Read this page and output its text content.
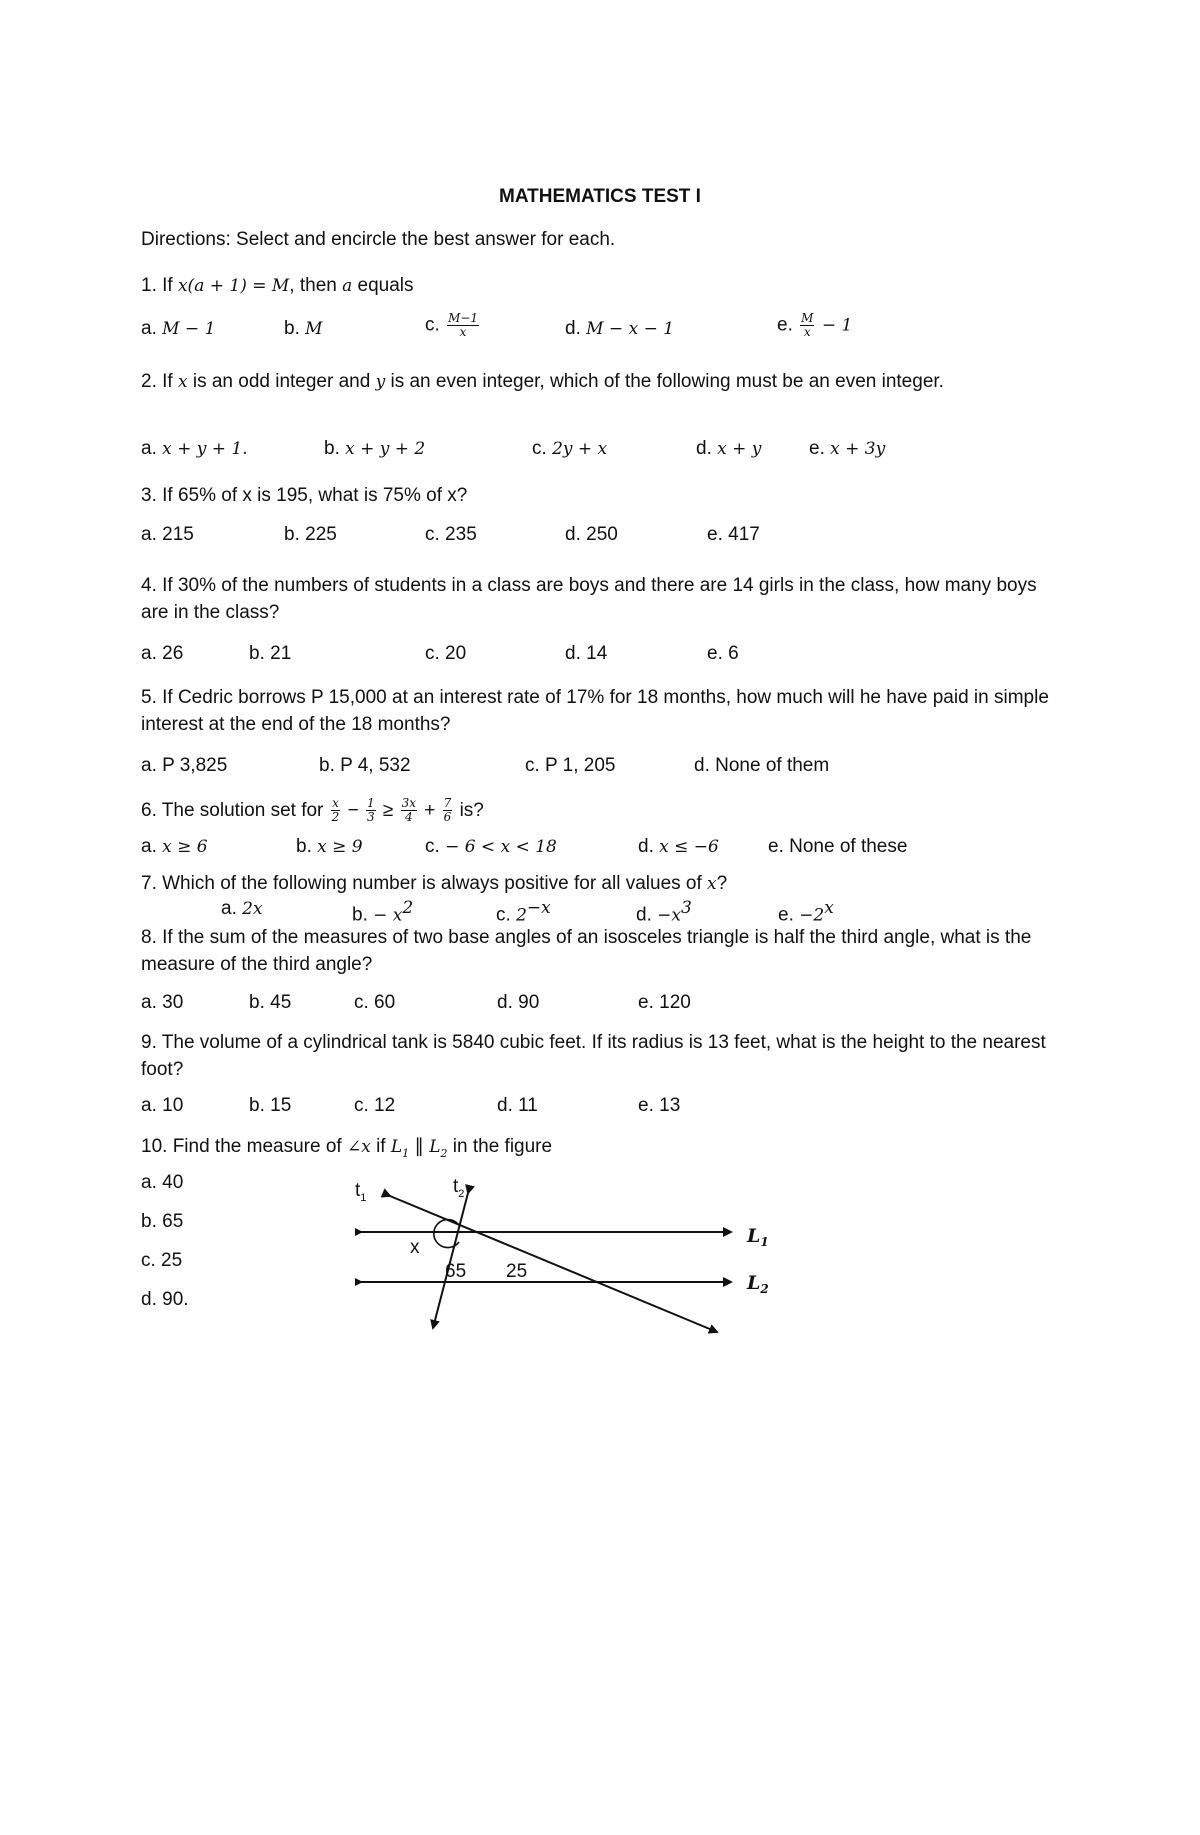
MATHEMATICS TEST I
Directions: Select and encircle the best answer for each.
1. If x(a + 1) = M, then a equals
a. M − 1	b. M	c. $\frac{M-1}{x}$	d. M − x − 1	e. $\frac{M}{x} - 1$
2. If x is an odd integer and y is an even integer, which of the following must be an even integer.
a. x + y + 1.	b. x + y + 2	c. 2y + x	d. x + y	e. x + 3y
3. If 65% of x is 195, what is 75% of x?
a. 215	b. 225	c. 235	d. 250	e. 417
4. If 30% of the numbers of students in a class are boys and there are 14 girls in the class, how many boys are in the class?
a. 26	b. 21	c. 20	d. 14	e. 6
5. If Cedric borrows P 15,000 at an interest rate of 17% for 18 months, how much will he have paid in simple interest at the end of the 18 months?
a. P 3,825	b. P 4, 532	c. P 1, 205	d. None of them
6. The solution set for $\frac{x}{2} - \frac{1}{3} \ge \frac{3x}{4} + \frac{7}{6}$ is?
a. x ≥ 6	b. x ≥ 9	c. − 6 < x < 18	d. x ≤ −6	e. None of these
7. Which of the following number is always positive for all values of x?
a. 2x	b. − $x^2$	c. $2^{-x}$	d. $-x^3$	e. $-2^x$
8. If the sum of the measures of two base angles of an isosceles triangle is half the third angle, what is the measure of the third angle?
a. 30	b. 45	c. 60	d. 90	e. 120
9. The volume of a cylindrical tank is 5840 cubic feet. If its radius is 13 feet, what is the height to the nearest foot?
a. 10	b. 15	c. 12	d. 11	e. 13
10. Find the measure of ∠x if $L_1$ ∥ $L_2$ in the figure
a. 40
b. 65
c. 25
d. 90.
$t_1$
$t_2$
x
65 25
$L_1$
$L_2$
